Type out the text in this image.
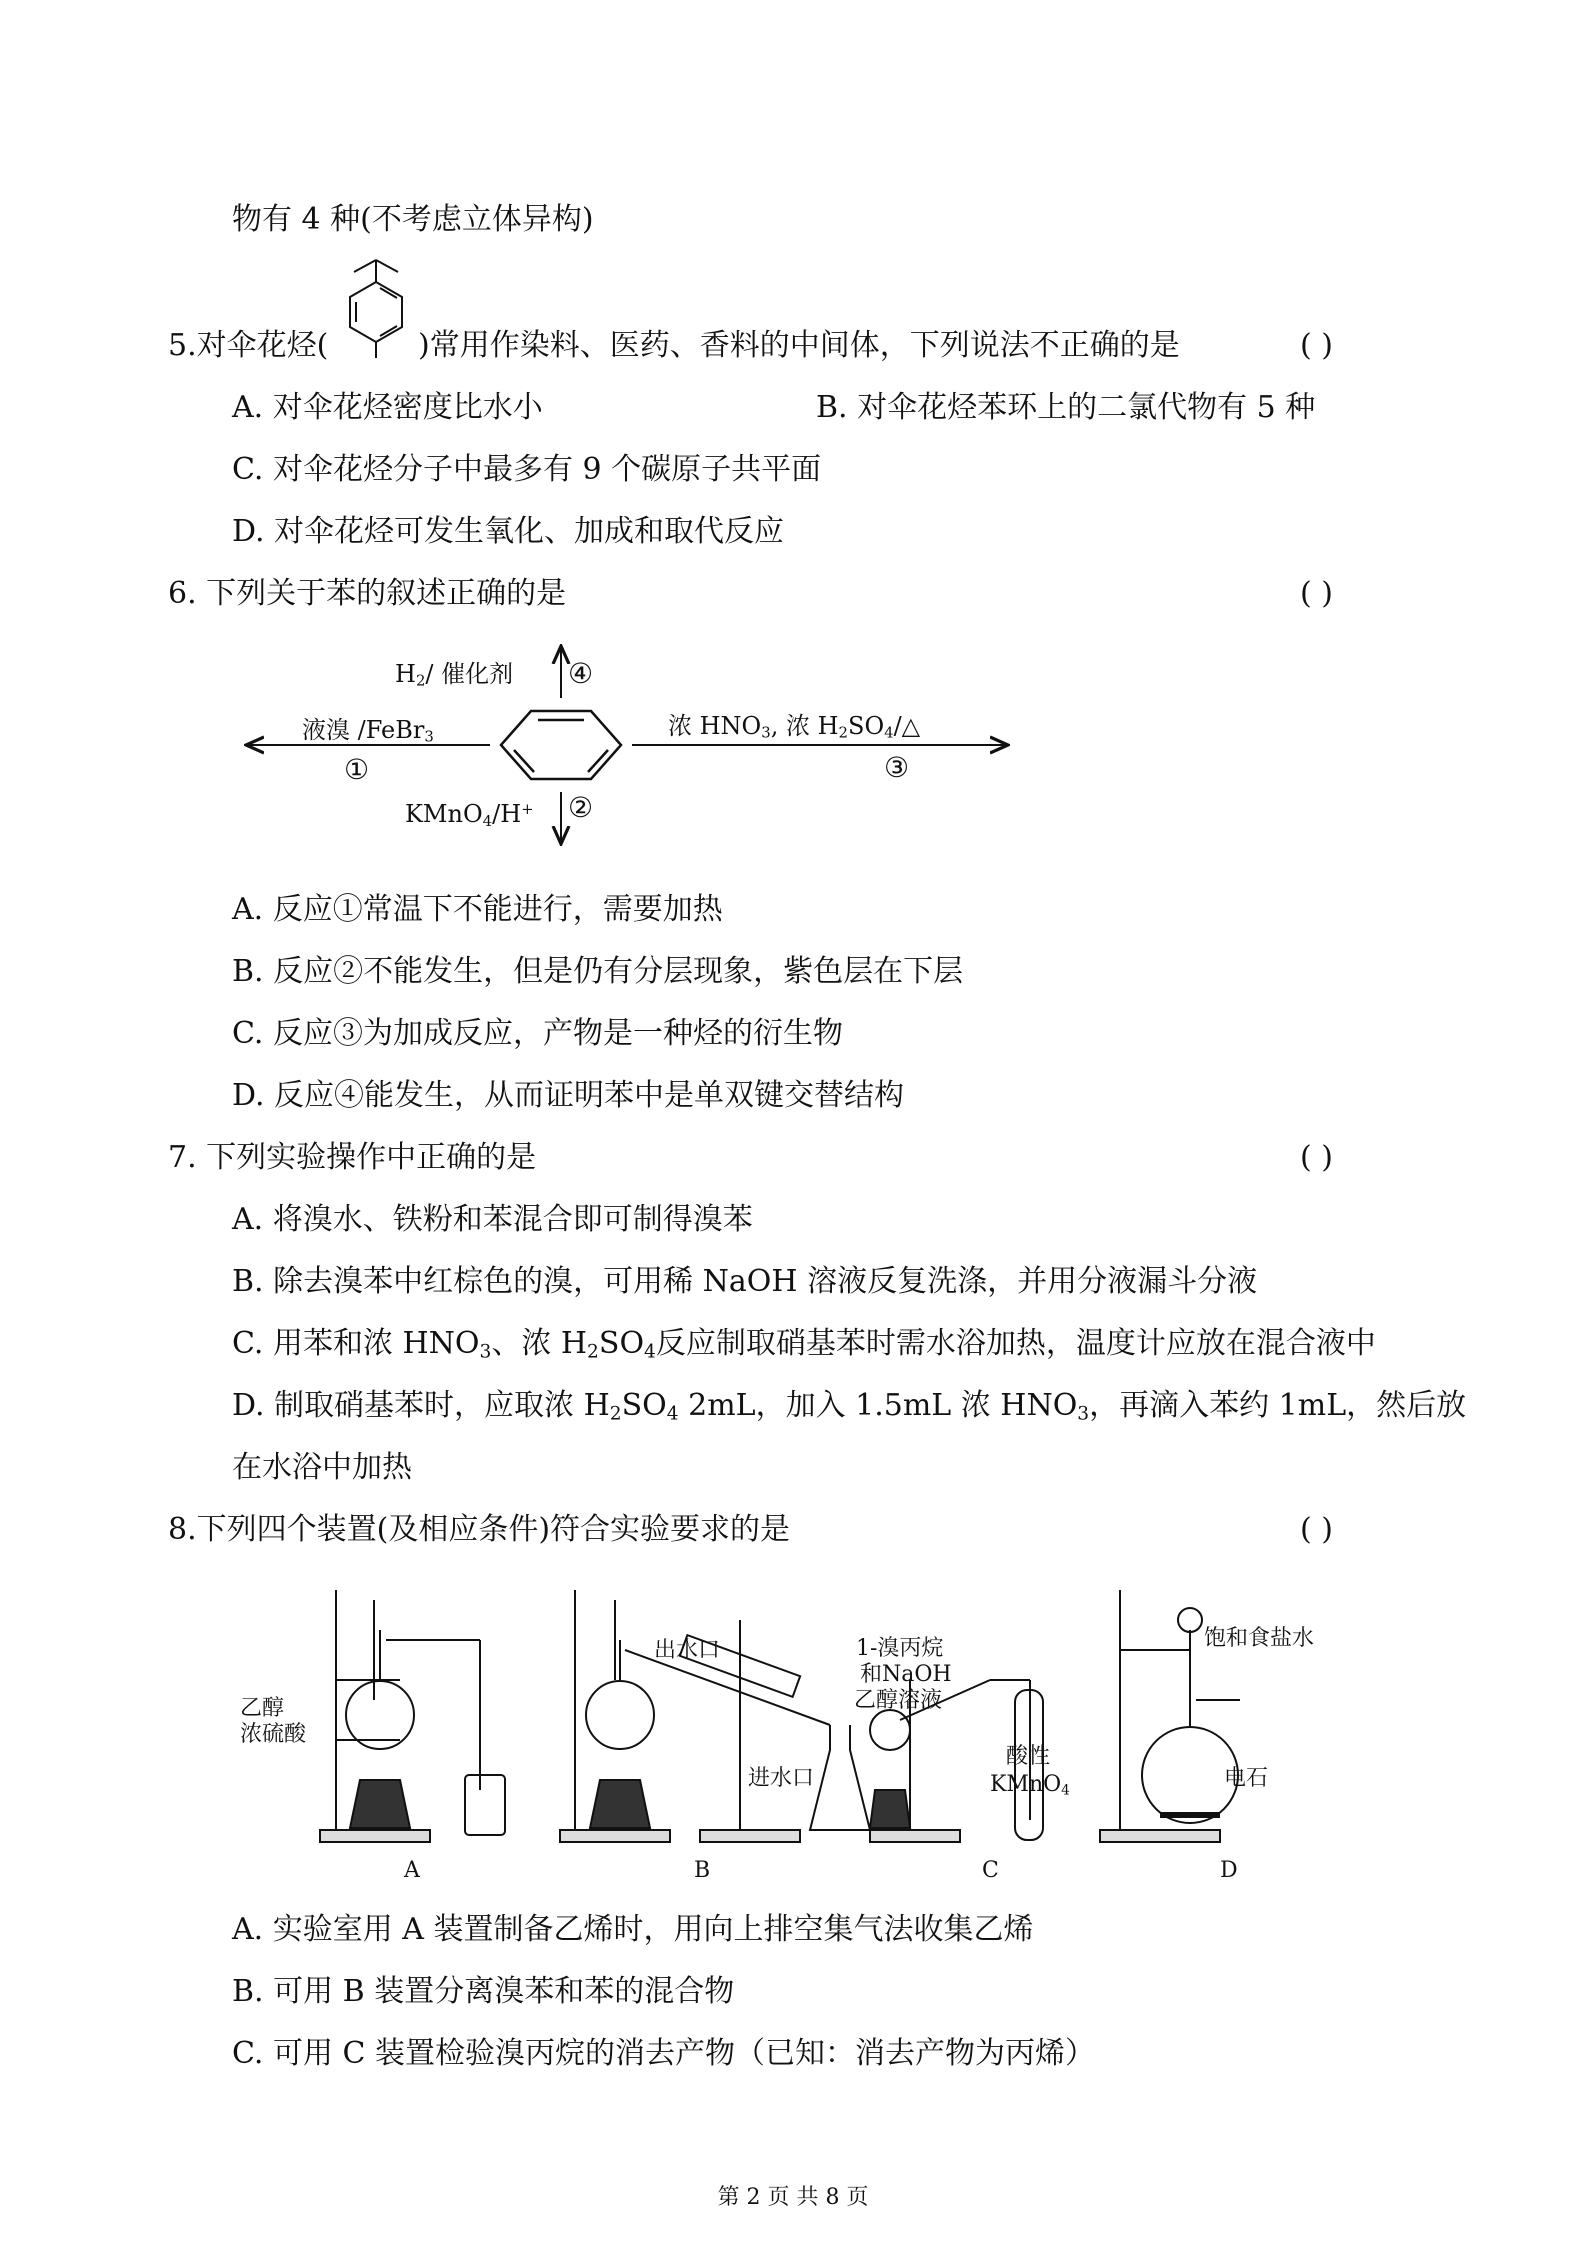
物有 4 种(不考虑立体异构)
5.对伞花烃(	)常用作染料、医药、香料的中间体，下列说法不正确的是	( )
A. 对伞花烃密度比水小	B. 对伞花烃苯环上的二氯代物有 5 种
C. 对伞花烃分子中最多有 9 个碳原子共平面
D. 对伞花烃可发生氧化、加成和取代反应
6. 下列关于苯的叙述正确的是	( )
$H_2/$ 催化剂 ④
液溴 /FeBr$_3$
①
浓 $HNO_3$, 浓 $H_2SO_4/\triangle$
③
KMnO$_4$/H+ ②
A. 反应①常温下不能进行，需要加热
B. 反应②不能发生，但是仍有分层现象，紫色层在下层
C. 反应③为加成反应，产物是一种烃的衍生物
D. 反应④能发生，从而证明苯中是单双键交替结构
7. 下列实验操作中正确的是	( )
A. 将溴水、铁粉和苯混合即可制得溴苯
B. 除去溴苯中红棕色的溴，可用稀 NaOH 溶液反复洗涤，并用分液漏斗分液
C. 用苯和浓 $HNO_3$、浓 $H_2SO_4$反应制取硝基苯时需水浴加热，温度计应放在混合液中
D. 制取硝基苯时，应取浓 $H_2SO_4$ 2mL，加入 1.5mL 浓 $HNO_3$，再滴入苯约 1mL，然后放
在水浴中加热
8.下列四个装置(及相应条件)符合实验要求的是	( )
乙醇
浓硫酸
出水口
进水口
1-溴丙烷
和NaOH
乙醇溶液
酸性
KMnO$_4$
饱和食盐水
电石
A	B	C	D
A. 实验室用 A 装置制备乙烯时，用向上排空集气法收集乙烯
B. 可用 B 装置分离溴苯和苯的混合物
C. 可用 C 装置检验溴丙烷的消去产物（已知：消去产物为丙烯）
第 2 页 共 8 页
